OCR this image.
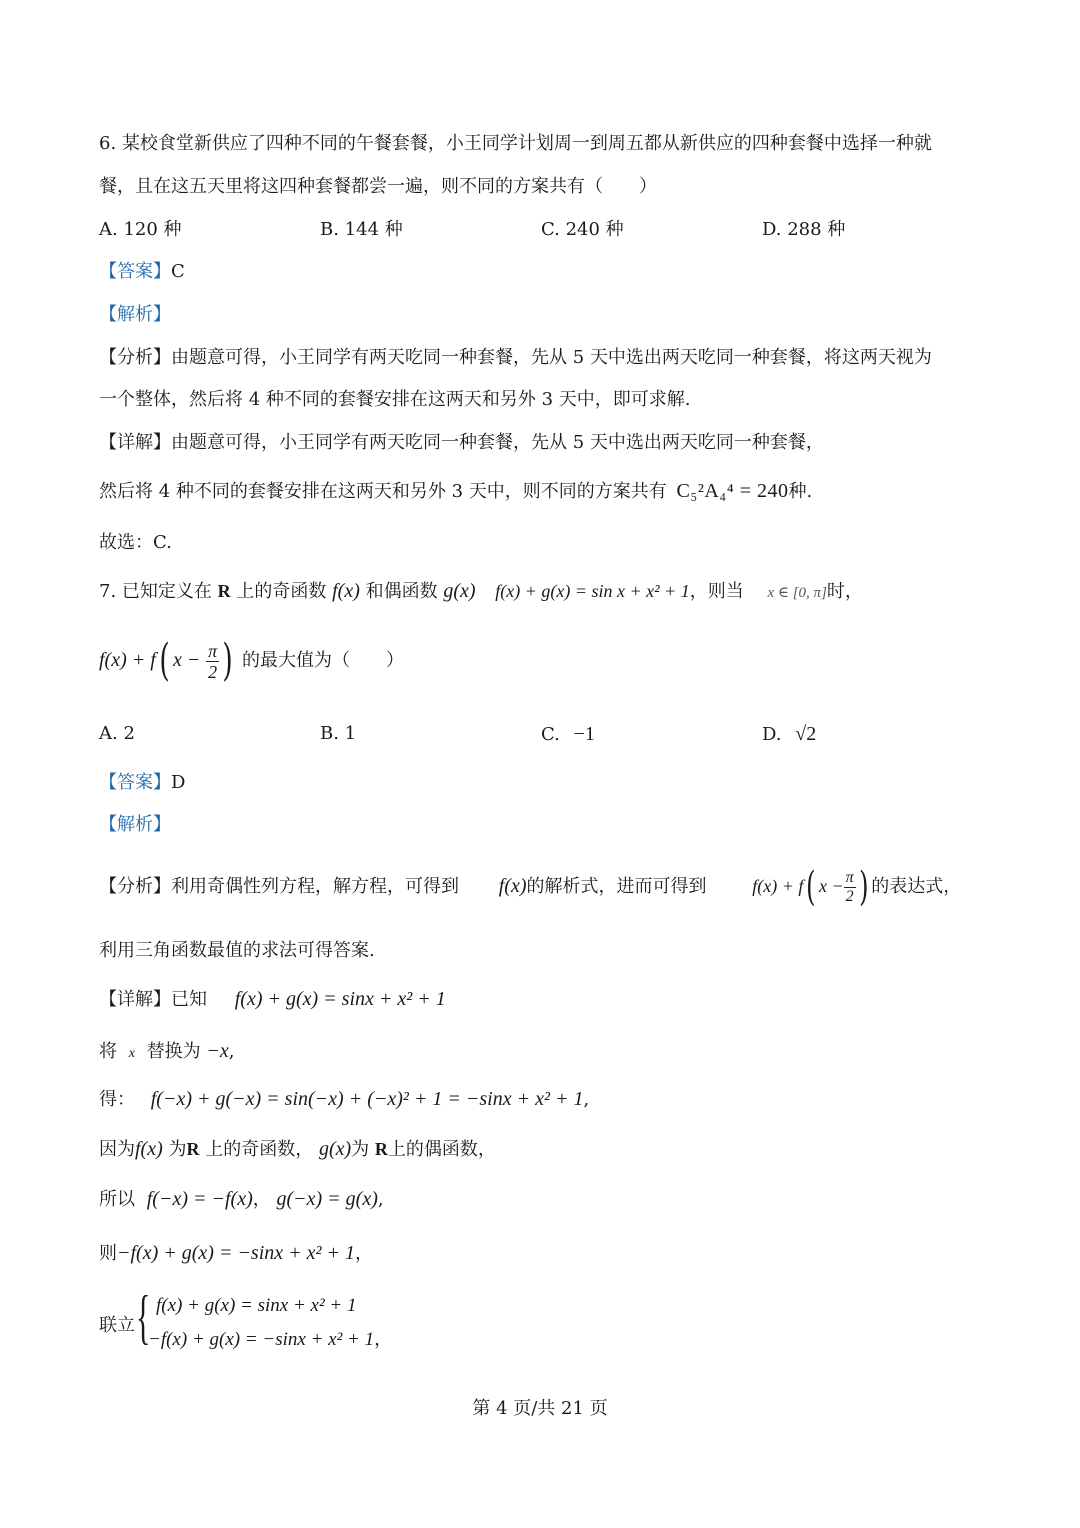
6. 某校食堂新供应了四种不同的午餐套餐，小王同学计划周一到周五都从新供应的四种套餐中选择一种就
餐，且在这五天里将这四种套餐都尝一遍，则不同的方案共有（　　）
A. 120 种	B. 144 种	C. 240 种	D. 288 种
【答案】C
【解析】
【分析】由题意可得，小王同学有两天吃同一种套餐，先从 5 天中选出两天吃同一种套餐，将这两天视为
一个整体，然后将 4 种不同的套餐安排在这两天和另外 3 天中，即可求解.
【详解】由题意可得，小王同学有两天吃同一种套餐，先从 5 天中选出两天吃同一种套餐，
然后将 4 种不同的套餐安排在这两天和另外 3 天中，则不同的方案共有 C₅²A₄⁴ = 240种.
故选：C.
7. 已知定义在 R 上的奇函数 f(x) 和偶函数 g(x) f(x) + g(x) = sin x + x² + 1，则当 x ∈ [0, π]时，
f(x) + f( $x - \frac{\pi}{2}$ ) 的最大值为（　　）
A. 2	B. 1	C. −1	D. √2
【答案】D
【解析】
【分析】利用奇偶性列方程，解方程，可得到 f(x)的解析式，进而可得到	f(x) + f( $x - \frac{\pi}{2}$ ) 的表达式，
利用三角函数最值的求法可得答案.
【详解】已知 f(x) + g(x) = sinx + x² + 1
将 x 替换为 −x,
得： f(−x) + g(−x) = sin(−x) + (−x)² + 1 = −sinx + x² + 1,
因为f(x) 为R 上的奇函数， g(x)为 R上的偶函数，
所以 f(−x) = −f(x)， g(−x) = g(x),
则−f(x) + g(x) = −sinx + x² + 1，
联立 { f(x) + g(x) = sinx + x² + 1
−f(x) + g(x) = −sinx + x² + 1，
第 4 页/共 21 页
